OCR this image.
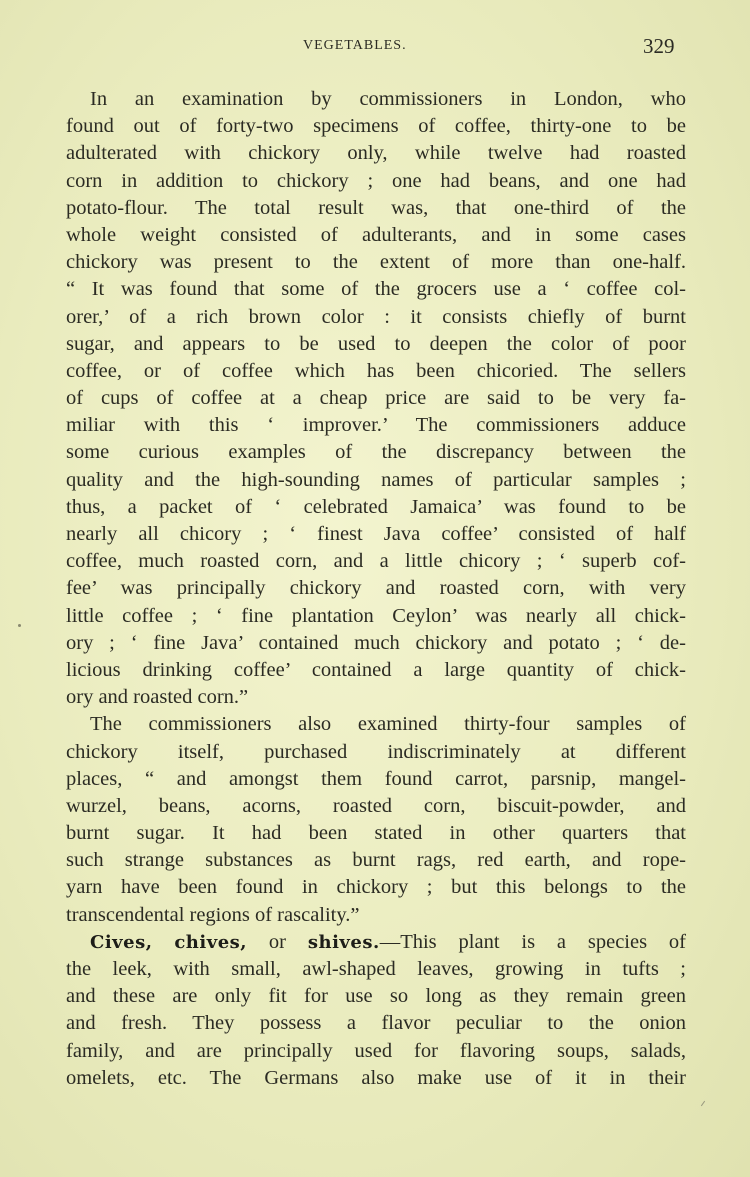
VEGETABLES.	329
In an examination by commissioners in London, who
found out of forty-two specimens of coffee, thirty-one to be
adulterated with chickory only, while twelve had roasted
corn in addition to chickory ; one had beans, and one had
potato-flour. The total result was, that one-third of the
whole weight consisted of adulterants, and in some cases
chickory was present to the extent of more than one-half.
“ It was found that some of the grocers use a ‘ coffee col-
orer,’ of a rich brown color : it consists chiefly of burnt
sugar, and appears to be used to deepen the color of poor
coffee, or of coffee which has been chicoried. The sellers
of cups of coffee at a cheap price are said to be very fa-
miliar with this ‘ improver.’ The commissioners adduce
some curious examples of the discrepancy between the
quality and the high-sounding names of particular samples ;
thus, a packet of ‘ celebrated Jamaica’ was found to be
nearly all chicory ; ‘ finest Java coffee’ consisted of half
coffee, much roasted corn, and a little chicory ; ‘ superb cof-
fee’ was principally chickory and roasted corn, with very
little coffee ; ‘ fine plantation Ceylon’ was nearly all chick-
ory ; ‘ fine Java’ contained much chickory and potato ; ‘ de-
licious drinking coffee’ contained a large quantity of chick-
ory and roasted corn.”
The commissioners also examined thirty-four samples of
chickory itself, purchased indiscriminately at different
places, “ and amongst them found carrot, parsnip, mangel-
wurzel, beans, acorns, roasted corn, biscuit-powder, and
burnt sugar. It had been stated in other quarters that
such strange substances as burnt rags, red earth, and rope-
yarn have been found in chickory ; but this belongs to the
transcendental regions of rascality.”
Cives, chives, or shives.—This plant is a species of
the leek, with small, awl-shaped leaves, growing in tufts ;
and these are only fit for use so long as they remain green
and fresh. They possess a flavor peculiar to the onion
family, and are principally used for flavoring soups, salads,
omelets, etc. The Germans also make use of it in their
